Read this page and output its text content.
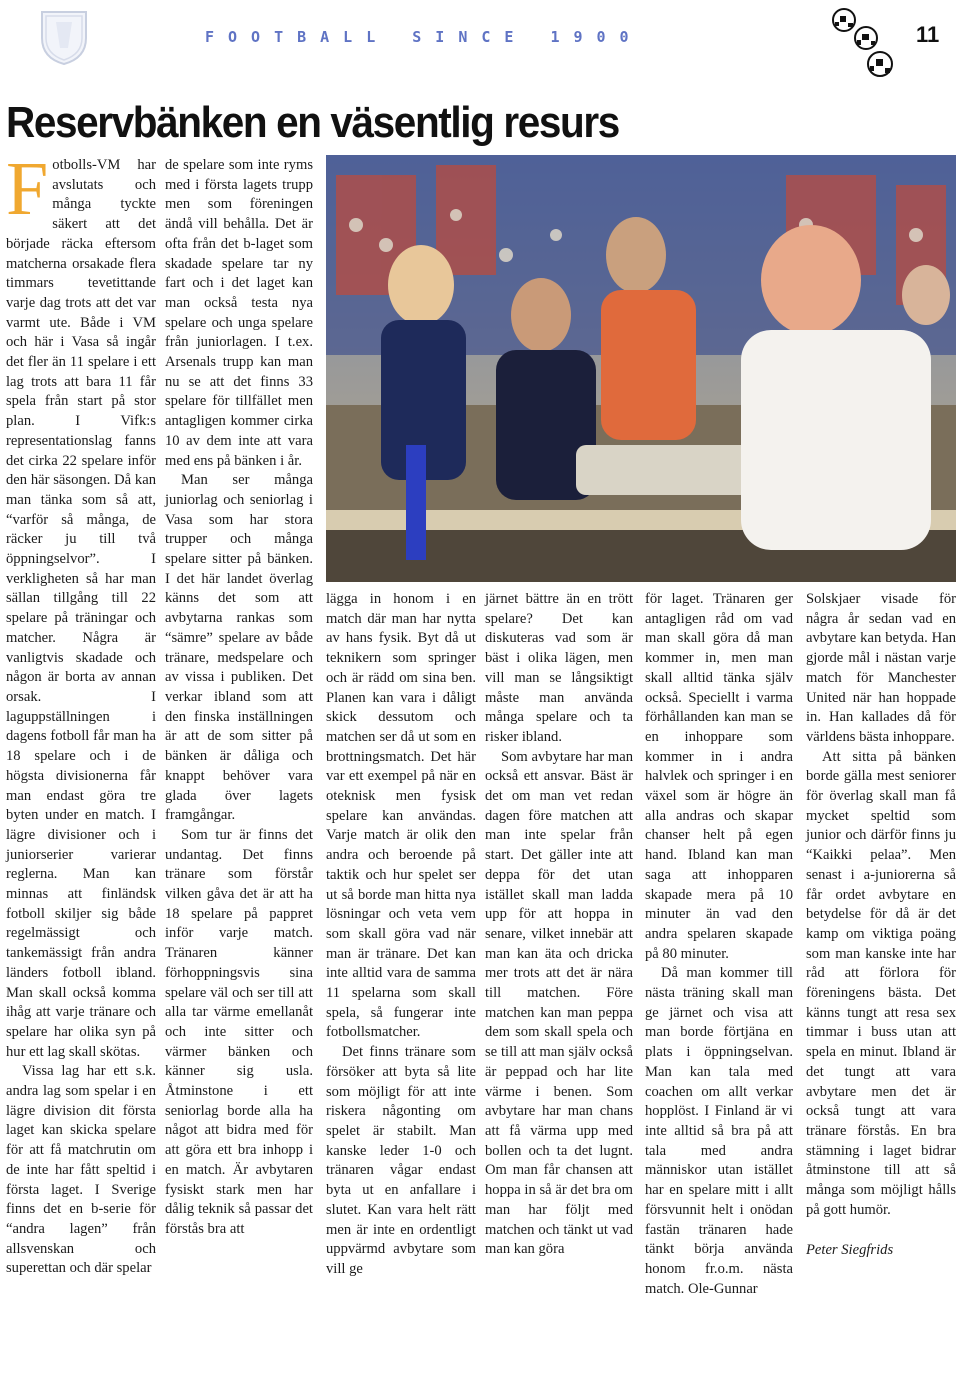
FOOTBALL SINCE 1900	11
Reservbänken en väsentlig resurs

Fotbolls-VM har avslutats och många tyckte säkert att det började räcka eftersom matcherna orsakade flera timmars tevetittande varje dag trots att det var varmt ute. Både i VM och här i Vasa så ingår det fler än 11 spelare i ett lag trots att bara 11 får spela från start på stor plan. I Vifk:s representationslag fanns det cirka 22 spelare inför den här säsongen. Då kan man tänka som så att, “varför så många, de räcker ju till två öppningselvor”. I verkligheten så har man sällan tillgång till 22 spelare på träningar och matcher. Några är vanligtvis skadade och någon är borta av annan orsak. I laguppställningen i dagens fotboll får man ha 18 spelare och i de högsta divisionerna får man endast göra tre byten under en match. I lägre divisioner och i juniorserier varierar reglerna. Man kan minnas att finländsk fotboll skiljer sig både regelmässigt och tankemässigt från andra länders fotboll ibland. Man skall också komma ihåg att varje tränare och spelare har olika syn på hur ett lag skall skötas.

Vissa lag har ett s.k. andra lag som spelar i en lägre division dit första laget kan skicka spelare för att få matchrutin om de inte har fått speltid i första laget. I Sverige finns det en b-serie för “andra lagen” från allsvenskan och superettan och där spelar

de spelare som inte ryms med i första lagets trupp men som föreningen ändå vill behålla. Det är ofta från det b-laget som skadade spelare tar ny fart och i det laget kan man också testa nya spelare och unga spelare från juniorlagen. I t.ex. Arsenals trupp kan man nu se att det finns 33 spelare för tillfället men antagligen kommer cirka 10 av dem inte att vara med ens på bänken i år.

Man ser många juniorlag och seniorlag i Vasa som har stora trupper och många spelare sitter på bänken. I det här landet överlag känns det som att avbytarna rankas som “sämre” spelare av både tränare, medspelare och av vissa i publiken. Det verkar ibland som att den finska inställningen är att de som sitter på bänken är dåliga och knappt behöver vara glada över lagets framgångar.

Som tur är finns det undantag. Det finns tränare som förstår vilken gåva det är att ha 18 spelare på pappret inför varje match. Tränaren känner förhoppningsvis sina spelare väl och ser till att alla tar värme emellanåt och inte sitter och värmer bänken och känner sig usla. Åtminstone i ett seniorlag borde alla ha något att bidra med för att göra ett bra inhopp i en match. Är avbytaren fysiskt stark men har dålig teknik så passar det förstås bra att

lägga in honom i en match där man har nytta av hans fysik. Byt då ut teknikern som springer och är rädd om sina ben. Planen kan vara i dåligt skick dessutom och matchen ser då ut som en brottningsmatch. Det här var ett exempel på när en oteknisk men fysisk spelare kan användas. Varje match är olik den andra och beroende på taktik och hur spelet ser ut så borde man hitta nya lösningar och veta vem som skall göra vad när man är tränare. Det kan inte alltid vara de samma 11 spelarna som skall spela, så fungerar inte fotbollsmatcher.

Det finns tränare som försöker att byta så lite som möjligt för att inte riskera någonting om spelet är stabilt. Man kanske leder 1-0 och tränaren vågar endast byta ut en anfallare i slutet. Kan vara helt rätt men är inte en ordentligt uppvärmd avbytare som vill ge

järnet bättre än en trött spelare? Det kan diskuteras vad som är bäst i olika lägen, men vill man se långsiktigt måste man använda många spelare och ta risker ibland.

Som avbytare har man också ett ansvar. Bäst är det om man vet redan dagen före matchen att man inte spelar från start. Det gäller inte att deppa för det utan istället skall man ladda upp för att hoppa in senare, vilket innebär att man kan äta och dricka mer trots att det är nära till matchen. Före matchen kan man peppa dem som skall spela och se till att man själv också är peppad och har lite värme i benen. Som avbytare har man chans att få värma upp med bollen och ta det lugnt. Om man får chansen att hoppa in så är det bra om man har följt med matchen och tänkt ut vad man kan göra

för laget. Tränaren ger antagligen råd om vad man skall göra då man kommer in, men man skall alltid tänka själv också. Speciellt i varma förhållanden kan man se en inhoppare som kommer in i andra halvlek och springer i en växel som är högre än alla andras och skapar chanser helt på egen hand. Ibland kan man saga att inhopparen skapade mera på 10 minuter än vad den andra spelaren skapade på 80 minuter.

Då man kommer till nästa träning skall man ge järnet och visa att man borde förtjäna en plats i öppningselvan. Man kan tala med coachen om allt verkar hopplöst. I Finland är vi inte alltid så bra på att tala med andra människor utan istället har en spelare mitt i allt försvunnit helt i onödan fastän tränaren hade tänkt börja använda honom fr.o.m. nästa match. Ole-Gunnar

Solskjaer visade för några år sedan vad en avbytare kan betyda. Han gjorde mål i nästan varje match för Manchester United när han hoppade in. Han kallades då för världens bästa inhoppare.

Att sitta på bänken borde gälla mest seniorer för överlag skall man få mycket speltid som junior och därför finns ju “Kaikki pelaa”. Men senast i a-juniorerna så får ordet avbytare en betydelse för då är det kamp om viktiga poäng som man kanske inte har råd att förlora för föreningens bästa. Det känns tungt att resa sex timmar i buss utan att spela en minut. Ibland är det tungt att vara avbytare men det är också tungt att vara tränare förstås. En bra stämning i laget bidrar åtminstone till att så många som möjligt hålls på gott humör.

Peter Siegfrids
